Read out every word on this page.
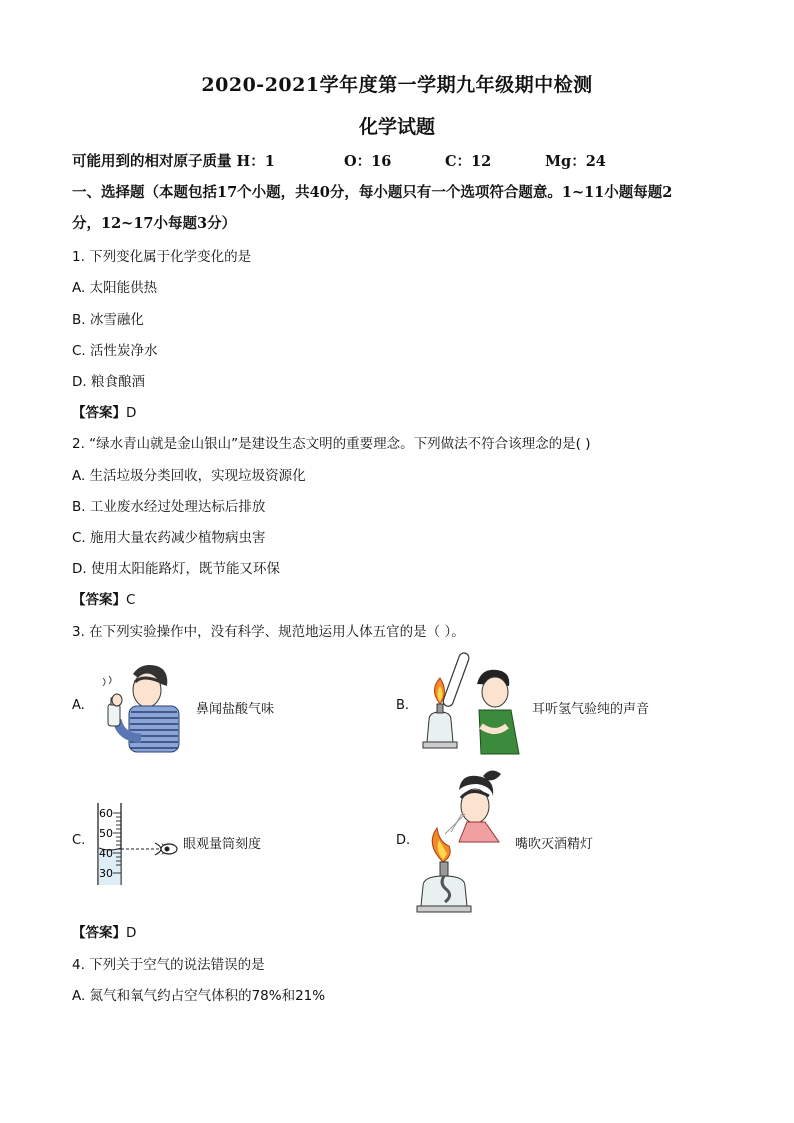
2020-2021学年度第一学期九年级期中检测
化学试题
可能用到的相对原子质量 H：1	O：16	C：12	Mg：24
一、选择题（本题包括17个小题，共40分，每小题只有一个选项符合题意。1~11小题每题2
分，12~17小每题3分）
1. 下列变化属于化学变化的是
A. 太阳能供热
B. 冰雪融化
C. 活性炭净水
D. 粮食酿酒
【答案】D
2. “绿水青山就是金山银山”是建设生态文明的重要理念。下列做法不符合该理念的是( )
A. 生活垃圾分类回收，实现垃圾资源化
B. 工业废水经过处理达标后排放
C. 施用大量农药减少植物病虫害
D. 使用太阳能路灯，既节能又环保
【答案】C
3. 在下列实验操作中，没有科学、规范地运用人体五官的是（ ）。
A.	鼻闻盐酸气味	B.	耳听氢气验纯的声音
C.
60
50
40
30
眼观量筒刻度	D.	嘴吹灭酒精灯
【答案】D
4. 下列关于空气的说法错误的是
A. 氮气和氧气约占空气体积的78%和21%
